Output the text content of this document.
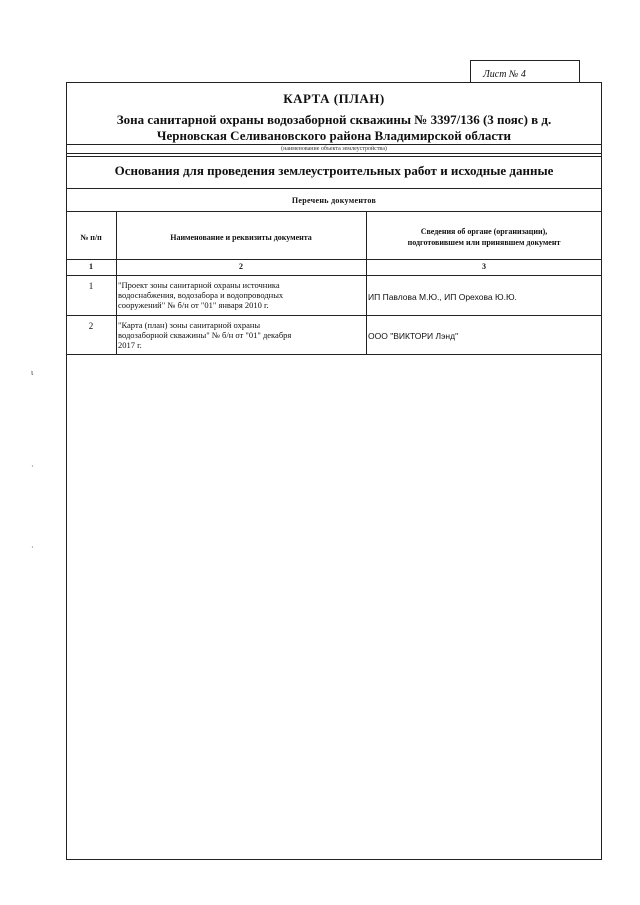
Лист № 4
КАРТА (ПЛАН)
Зона санитарной охраны водозаборной скважины № 3397/136 (3 пояс) в д.
Черновская Селивановского района Владимирской области
(наименование объекта землеустройства)
Основания для проведения землеустроительных работ и исходные данные
Перечень документов
№ п/п	Наименование и реквизиты документа
Сведения об органе (организации),
подготовившем или принявшем документ
1	2	3
1	"Проект зоны санитарной охраны источника
водоснабжения, водозабора и водопроводных
сооружений" № б/н от "01" января 2010 г.
ИП Павлова М.Ю., ИП Орехова Ю.Ю.
2	"Карта (план) зоны санитарной охраны
водозаборной скважины" № б/н от "01" декабря
2017 г.
ООО "ВИКТОРИ Лэнд"
ɩ
·
·
